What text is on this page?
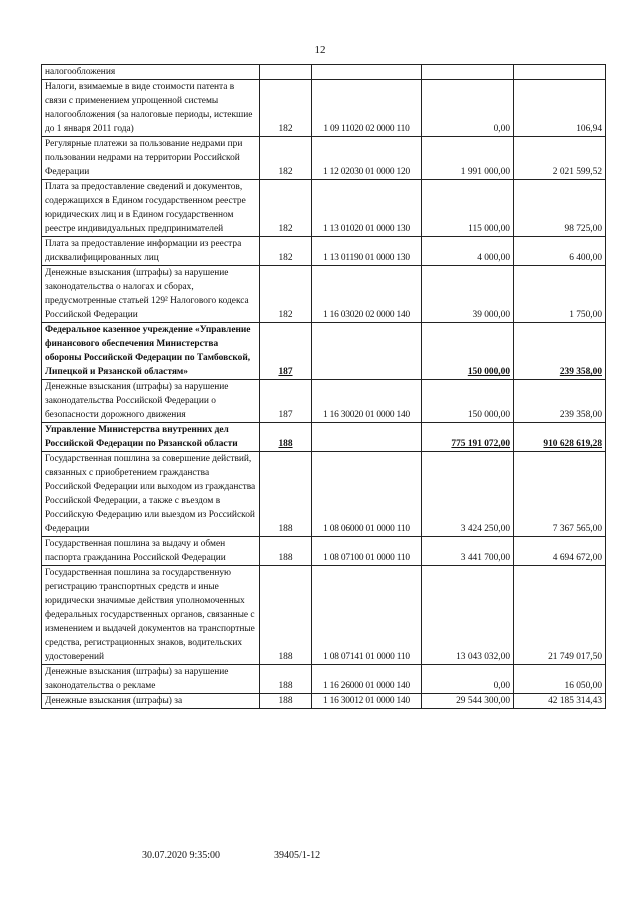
12
налогообложения				
Налоги, взимаемые в виде стоимости патента в связи с применением упрощенной системы налогообложения (за налоговые периоды, истекшие до 1 января 2011 года)	182	1 09 11020 02 0000 110	0,00	106,94
Регулярные платежи за пользование недрами при пользовании недрами на территории Российской Федерации	182	1 12 02030 01 0000 120	1 991 000,00	2 021 599,52
Плата за предоставление сведений и документов, содержащихся в Едином государственном реестре юридических лиц и в Едином государственном реестре индивидуальных предпринимателей	182	1 13 01020 01 0000 130	115 000,00	98 725,00
Плата за предоставление информации из реестра дисквалифицированных лиц	182	1 13 01190 01 0000 130	4 000,00	6 400,00
Денежные взыскания (штрафы) за нарушение законодательства о налогах и сборах, предусмотренные статьей 129² Налогового кодекса Российской Федерации	182	1 16 03020 02 0000 140	39 000,00	1 750,00
Федеральное казенное учреждение «Управление финансового обеспечения Министерства обороны Российской Федерации по Тамбовской, Липецкой и Рязанской областям»	187		150 000,00	239 358,00
Денежные взыскания (штрафы) за нарушение законодательства Российской Федерации о безопасности дорожного движения	187	1 16 30020 01 0000 140	150 000,00	239 358,00
Управление Министерства внутренних дел Российской Федерации по Рязанской области	188		775 191 072,00	910 628 619,28
Государственная пошлина за совершение действий, связанных с приобретением гражданства Российской Федерации или выходом из гражданства Российской Федерации, а также с въездом в Российскую Федерацию или выездом из Российской Федерации	188	1 08 06000 01 0000 110	3 424 250,00	7 367 565,00
Государственная пошлина за выдачу и обмен паспорта гражданина Российской Федерации	188	1 08 07100 01 0000 110	3 441 700,00	4 694 672,00
Государственная пошлина за государственную регистрацию транспортных средств и иные юридически значимые действия уполномоченных федеральных государственных органов, связанные с изменением и выдачей документов на транспортные средства, регистрационных знаков, водительских удостоверений	188	1 08 07141 01 0000 110	13 043 032,00	21 749 017,50
Денежные взыскания (штрафы) за нарушение законодательства о рекламе	188	1 16 26000 01 0000 140	0,00	16 050,00
Денежные взыскания (штрафы) за	188	1 16 30012 01 0000 140	29 544 300,00	42 185 314,43
30.07.2020 9:35:00	39405/1-12
